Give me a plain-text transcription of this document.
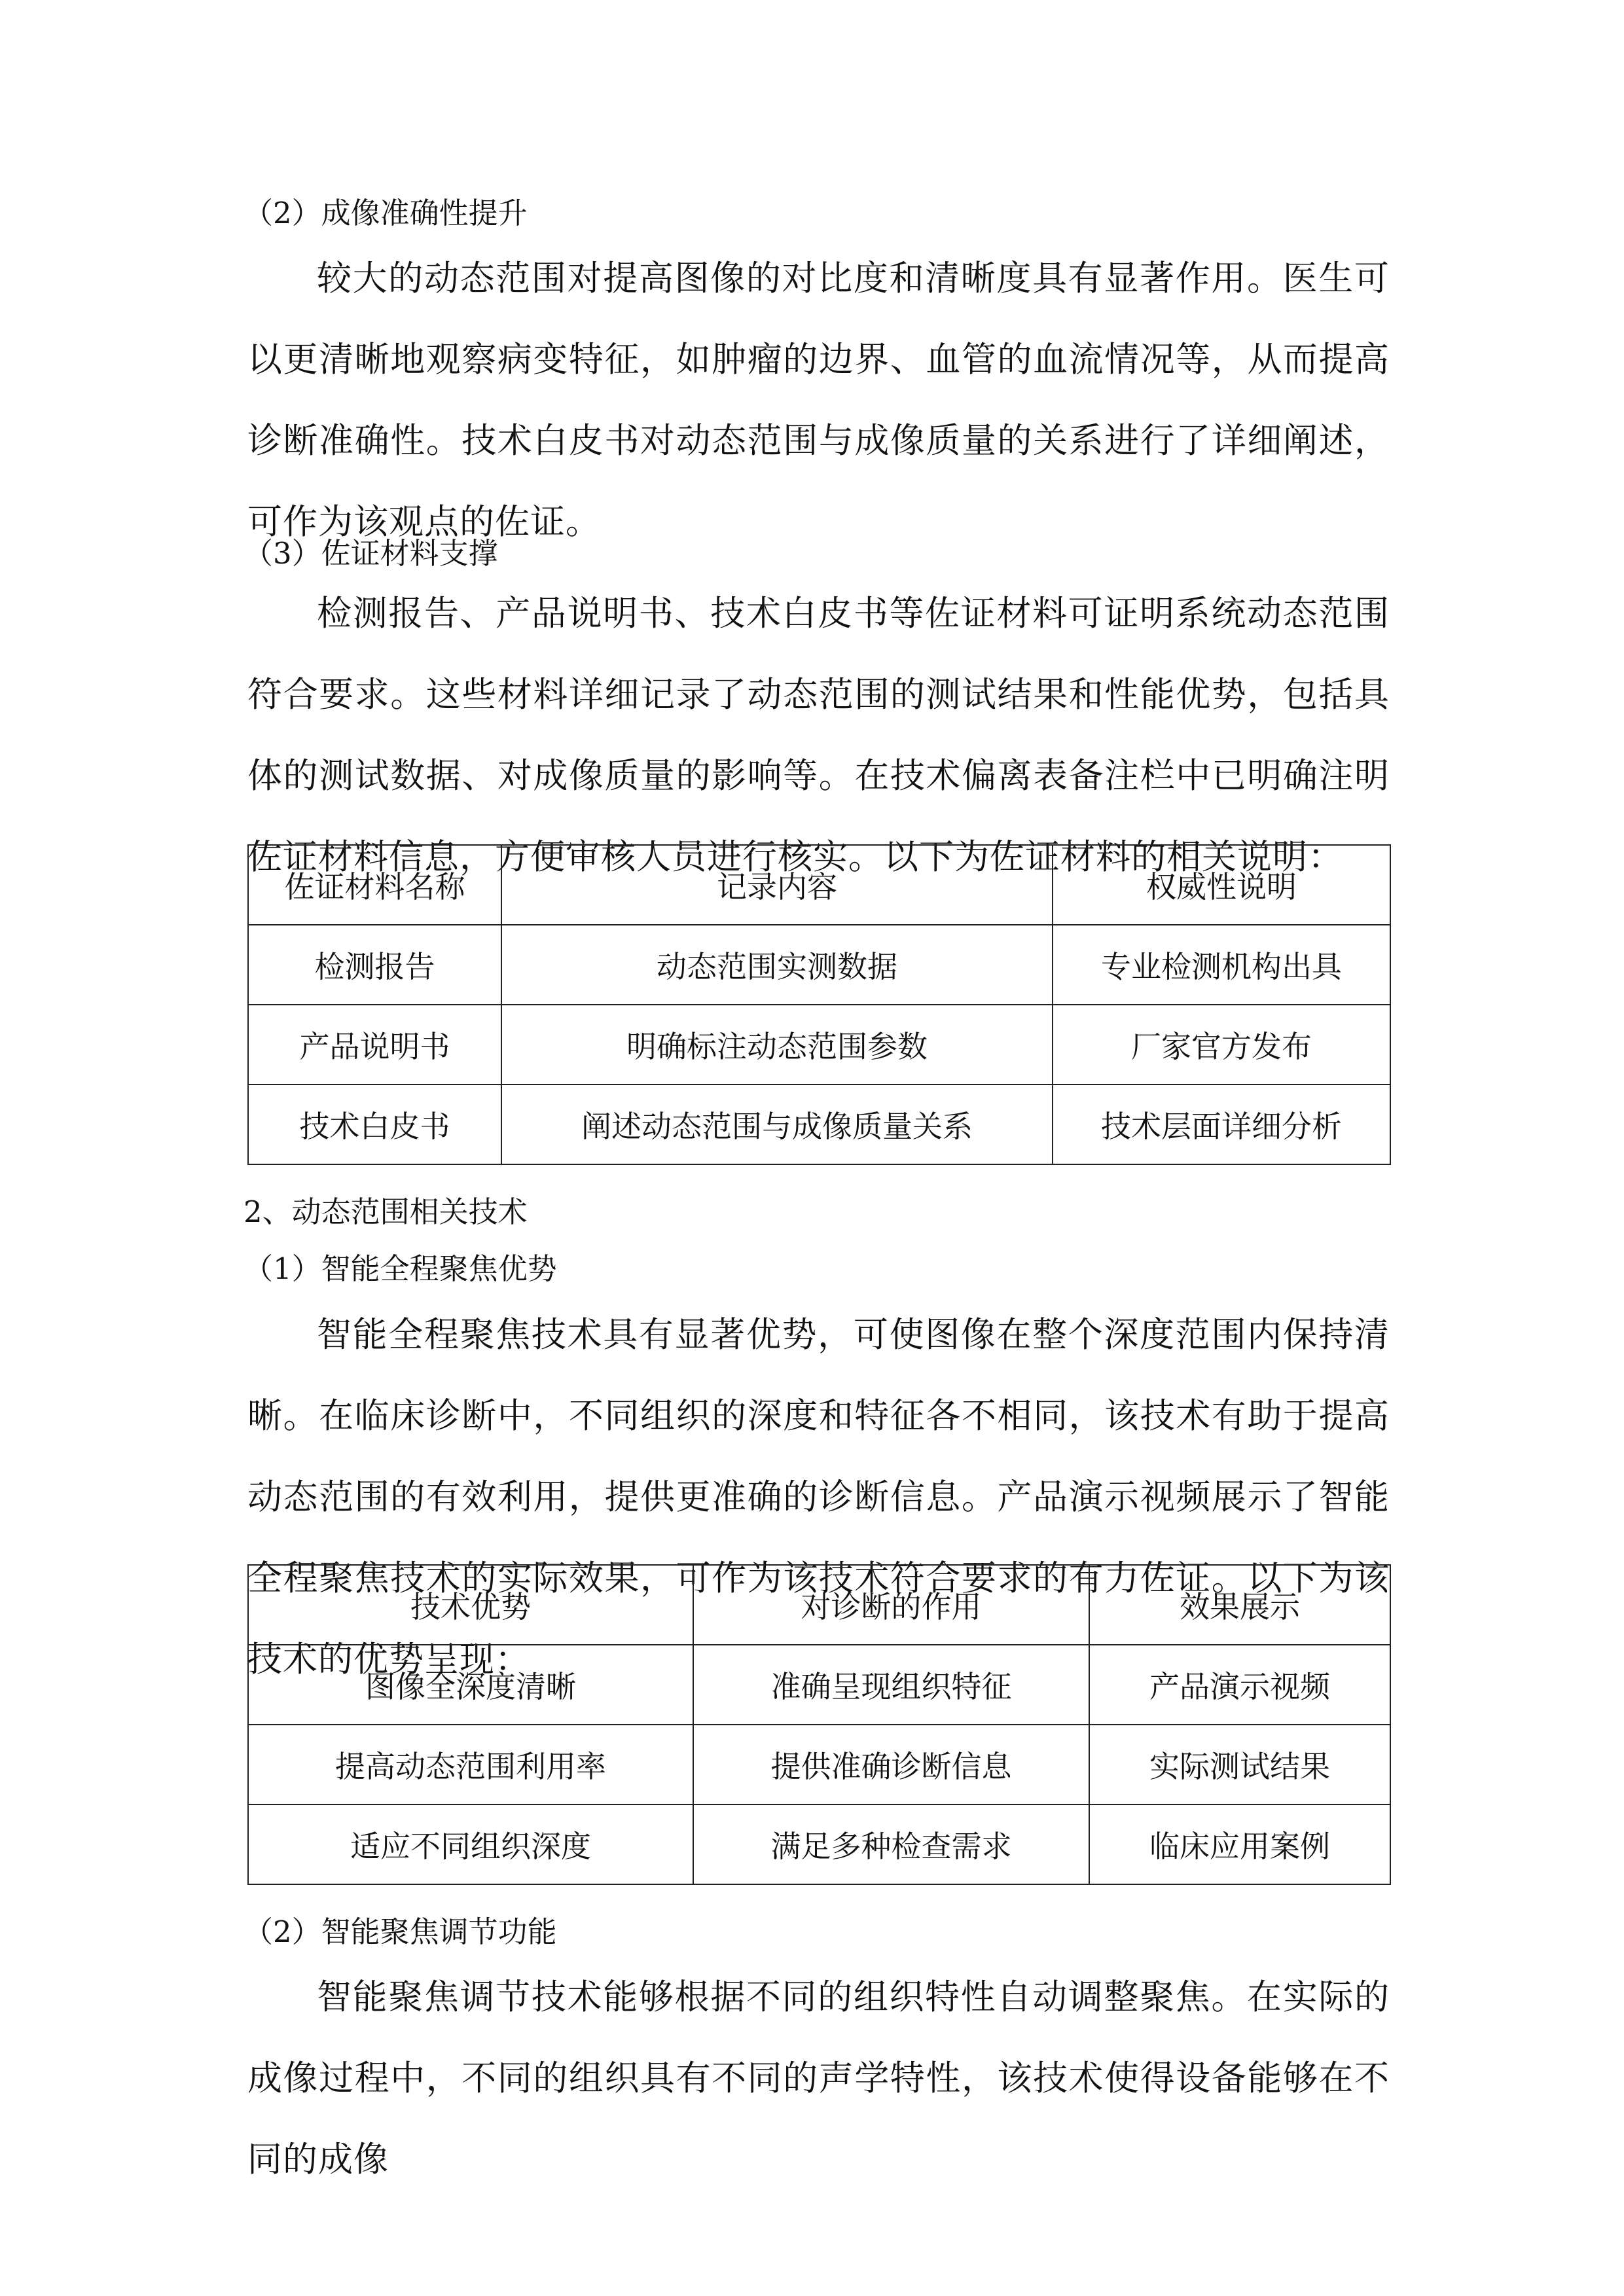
（2）成像准确性提升
较大的动态范围对提高图像的对比度和清晰度具有显著作用。医生可以更清晰地观察病变特征，如肿瘤的边界、血管的血流情况等，从而提高诊断准确性。技术白皮书对动态范围与成像质量的关系进行了详细阐述，可作为该观点的佐证。
（3）佐证材料支撑
检测报告、产品说明书、技术白皮书等佐证材料可证明系统动态范围符合要求。这些材料详细记录了动态范围的测试结果和性能优势，包括具体的测试数据、对成像质量的影响等。在技术偏离表备注栏中已明确注明佐证材料信息，方便审核人员进行核实。以下为佐证材料的相关说明：
佐证材料名称	记录内容	权威性说明
检测报告	动态范围实测数据	专业检测机构出具
产品说明书	明确标注动态范围参数	厂家官方发布
技术白皮书	阐述动态范围与成像质量关系	技术层面详细分析
2、动态范围相关技术
（1）智能全程聚焦优势
智能全程聚焦技术具有显著优势，可使图像在整个深度范围内保持清晰。在临床诊断中，不同组织的深度和特征各不相同，该技术有助于提高动态范围的有效利用，提供更准确的诊断信息。产品演示视频展示了智能全程聚焦技术的实际效果，可作为该技术符合要求的有力佐证。以下为该技术的优势呈现：
技术优势	对诊断的作用	效果展示
图像全深度清晰	准确呈现组织特征	产品演示视频
提高动态范围利用率	提供准确诊断信息	实际测试结果
适应不同组织深度	满足多种检查需求	临床应用案例
（2）智能聚焦调节功能
智能聚焦调节技术能够根据不同的组织特性自动调整聚焦。在实际的成像过程中，不同的组织具有不同的声学特性，该技术使得设备能够在不同的成像
